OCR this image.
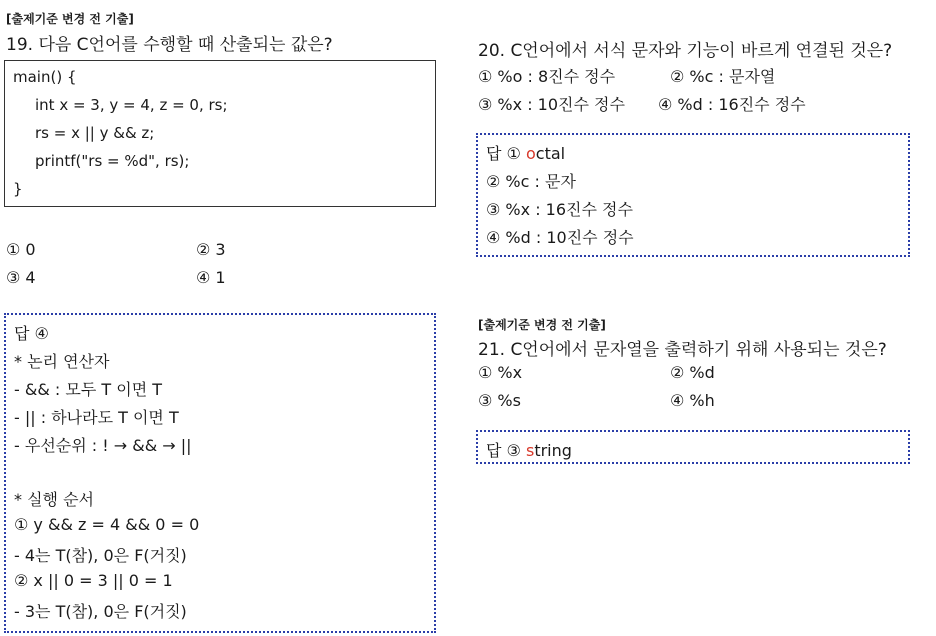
[출제기준 변경 전 기출]
19. 다음 C언어를 수행할 때 산출되는 값은?
main() {
int x = 3, y = 4, z = 0, rs;
rs = x || y && z;
printf("rs = %d", rs);
}
① 0	② 3
③ 4	④ 1
답 ④
* 논리 연산자
- && : 모두 T 이면 T
- || : 하나라도 T 이면 T
- 우선순위 : ! → && → ||
* 실행 순서
① y && z = 4 && 0 = 0
- 4는 T(참), 0은 F(거짓)
② x || 0 = 3 || 0 = 1
- 3는 T(참), 0은 F(거짓)
20. C언어에서 서식 문자와 기능이 바르게 연결된 것은?
① %o : 8진수 정수	② %c : 문자열
③ %x : 10진수 정수 ④ %d : 16진수 정수
답 ① octal
② %c : 문자
③ %x : 16진수 정수
④ %d : 10진수 정수
[출제기준 변경 전 기출]
21. C언어에서 문자열을 출력하기 위해 사용되는 것은?
① %x	② %d
③ %s	④ %h
답 ③ string
